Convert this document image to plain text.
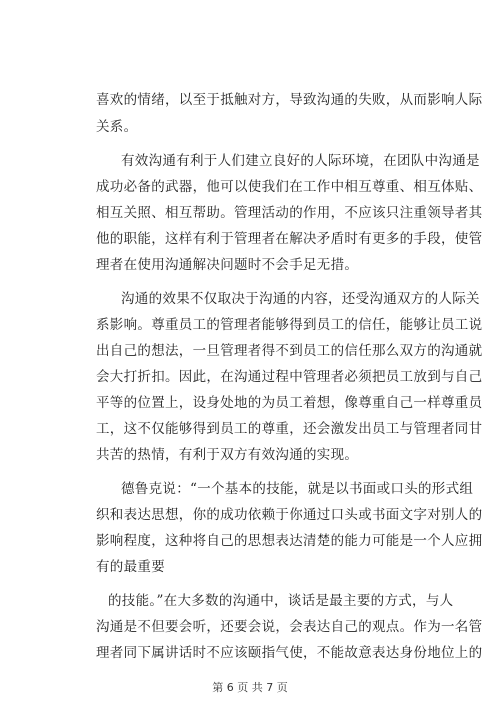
喜欢的情绪，以至于抵触对方，导致沟通的失败，从而影响人际
关系。
有效沟通有利于人们建立良好的人际环境，在团队中沟通是
成功必备的武器，他可以使我们在工作中相互尊重、相互体贴、
相互关照、相互帮助。管理活动的作用，不应该只注重领导者其
他的职能，这样有利于管理者在解决矛盾时有更多的手段，使管
理者在使用沟通解决问题时不会手足无措。
沟通的效果不仅取决于沟通的内容，还受沟通双方的人际关
系影响。尊重员工的管理者能够得到员工的信任，能够让员工说
出自己的想法，一旦管理者得不到员工的信任那么双方的沟通就
会大打折扣。因此，在沟通过程中管理者必须把员工放到与自己
平等的位置上，设身处地的为员工着想，像尊重自己一样尊重员
工，这不仅能够得到员工的尊重，还会激发出员工与管理者同甘
共苦的热情，有利于双方有效沟通的实现。
德鲁克说：“一个基本的技能，就是以书面或口头的形式组
织和表达思想，你的成功依赖于你通过口头或书面文字对别人的
影响程度，这种将自己的思想表达清楚的能力可能是一个人应拥
有的最重要
的技能。”在大多数的沟通中，谈话是最主要的方式，与人
沟通是不但要会听，还要会说，会表达自己的观点。作为一名管
理者同下属讲话时不应该颐指气使，不能故意表达身份地位上的
第 6 页 共 7 页
